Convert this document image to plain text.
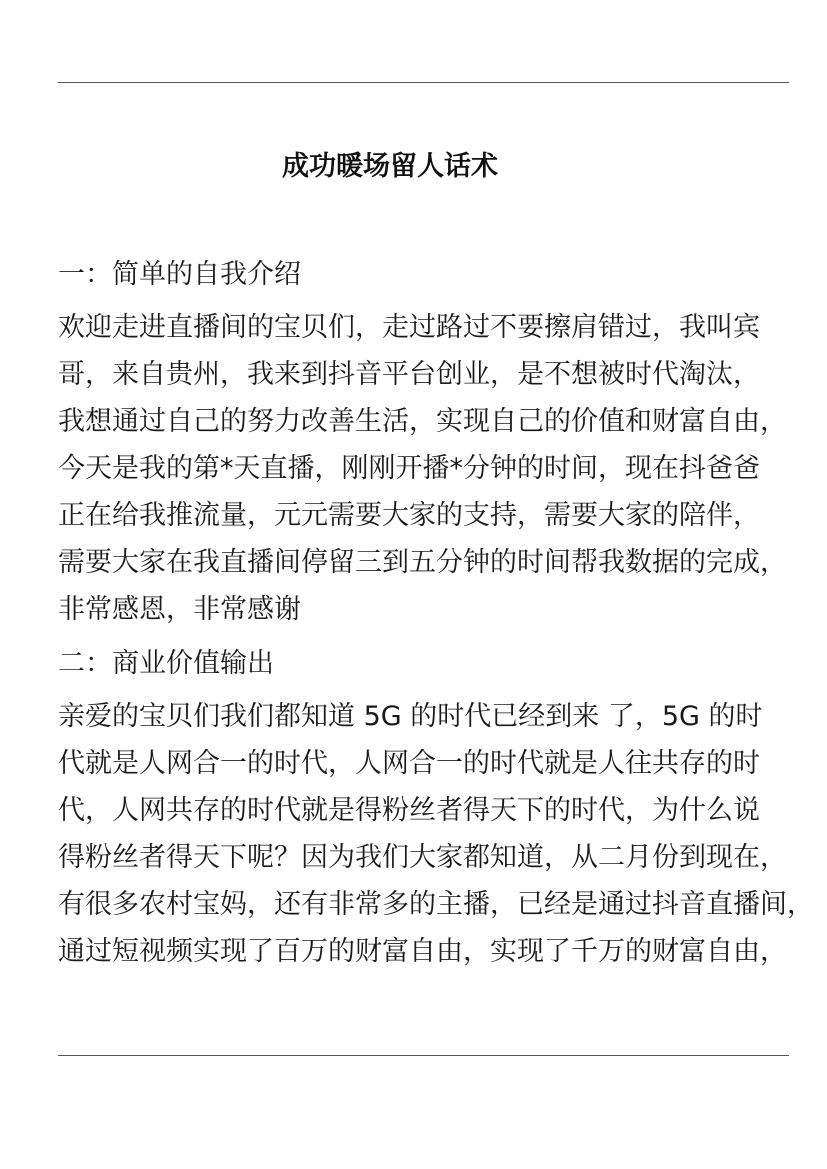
成功暖场留人话术
一：简单的自我介绍
欢迎走进直播间的宝贝们，走过路过不要擦肩错过，我叫宾
哥，来自贵州，我来到抖音平台创业，是不想被时代淘汰，
我想通过自己的努力改善生活，实现自己的价值和财富自由，
今天是我的第*天直播，刚刚开播*分钟的时间，现在抖爸爸
正在给我推流量，元元需要大家的支持，需要大家的陪伴，
需要大家在我直播间停留三到五分钟的时间帮我数据的完成，
非常感恩，非常感谢
二：商业价值输出
亲爱的宝贝们我们都知道 5G 的时代已经到来 了，5G 的时
代就是人网合一的时代，人网合一的时代就是人往共存的时
代，人网共存的时代就是得粉丝者得天下的时代，为什么说
得粉丝者得天下呢？因为我们大家都知道，从二月份到现在，
有很多农村宝妈，还有非常多的主播，已经是通过抖音直播间，
通过短视频实现了百万的财富自由，实现了千万的财富自由，
